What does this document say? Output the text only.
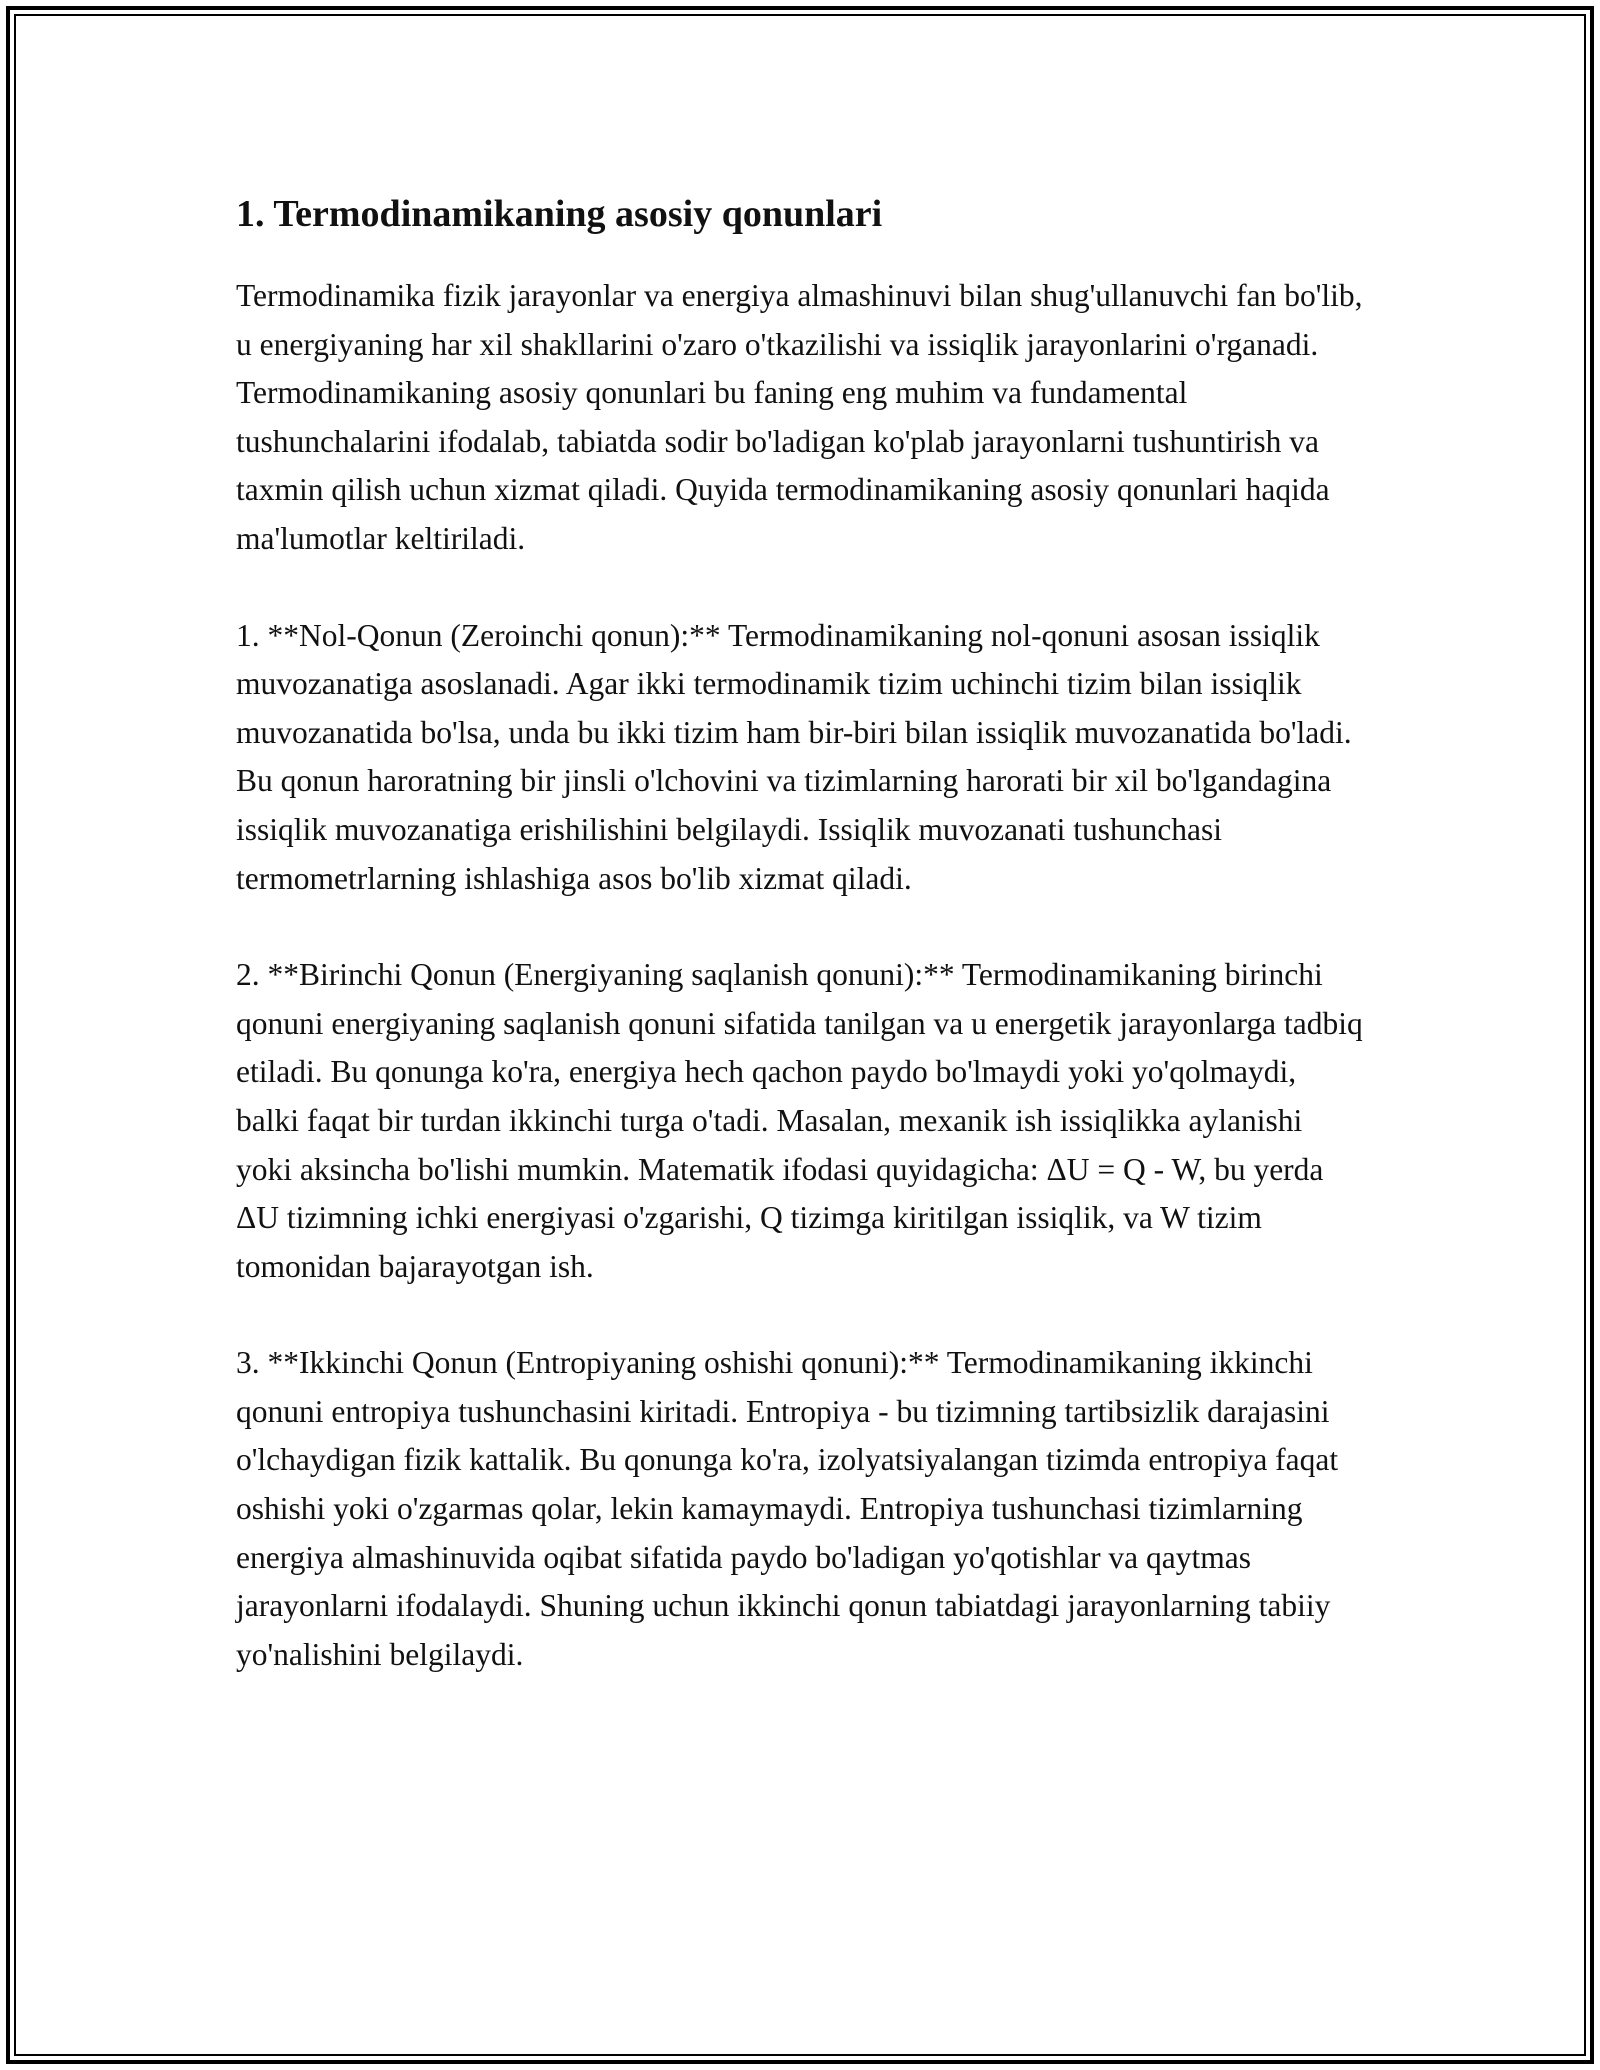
1. Termodinamikaning asosiy qonunlari

Termodinamika fizik jarayonlar va energiya almashinuvi bilan shug'ullanuvchi fan bo'lib, u energiyaning har xil shakllarini o'zaro o'tkazilishi va issiqlik jarayonlarini o'rganadi. Termodinamikaning asosiy qonunlari bu faning eng muhim va fundamental tushunchalarini ifodalab, tabiatda sodir bo'ladigan ko'plab jarayonlarni tushuntirish va taxmin qilish uchun xizmat qiladi. Quyida termodinamikaning asosiy qonunlari haqida ma'lumotlar keltiriladi.

1. **Nol-Qonun (Zeroinchi qonun):** Termodinamikaning nol-qonuni asosan issiqlik muvozanatiga asoslanadi. Agar ikki termodinamik tizim uchinchi tizim bilan issiqlik muvozanatida bo'lsa, unda bu ikki tizim ham bir-biri bilan issiqlik muvozanatida bo'ladi. Bu qonun haroratning bir jinsli o'lchovini va tizimlarning harorati bir xil bo'lgandagina issiqlik muvozanatiga erishilishini belgilaydi. Issiqlik muvozanati tushunchasi termometrlarning ishlashiga asos bo'lib xizmat qiladi.

2. **Birinchi Qonun (Energiyaning saqlanish qonuni):** Termodinamikaning birinchi qonuni energiyaning saqlanish qonuni sifatida tanilgan va u energetik jarayonlarga tadbiq etiladi. Bu qonunga ko'ra, energiya hech qachon paydo bo'lmaydi yoki yo'qolmaydi, balki faqat bir turdan ikkinchi turga o'tadi. Masalan, mexanik ish issiqlikka aylanishi yoki aksincha bo'lishi mumkin. Matematik ifodasi quyidagicha: ΔU = Q - W, bu yerda ΔU tizimning ichki energiyasi o'zgarishi, Q tizimga kiritilgan issiqlik, va W tizim tomonidan bajarayotgan ish.

3. **Ikkinchi Qonun (Entropiyaning oshishi qonuni):** Termodinamikaning ikkinchi qonuni entropiya tushunchasini kiritadi. Entropiya - bu tizimning tartibsizlik darajasini o'lchaydigan fizik kattalik. Bu qonunga ko'ra, izolyatsiyalangan tizimda entropiya faqat oshishi yoki o'zgarmas qolar, lekin kamaymaydi. Entropiya tushunchasi tizimlarning energiya almashinuvida oqibat sifatida paydo bo'ladigan yo'qotishlar va qaytmas jarayonlarni ifodalaydi. Shuning uchun ikkinchi qonun tabiatdagi jarayonlarning tabiiy yo'nalishini belgilaydi.
